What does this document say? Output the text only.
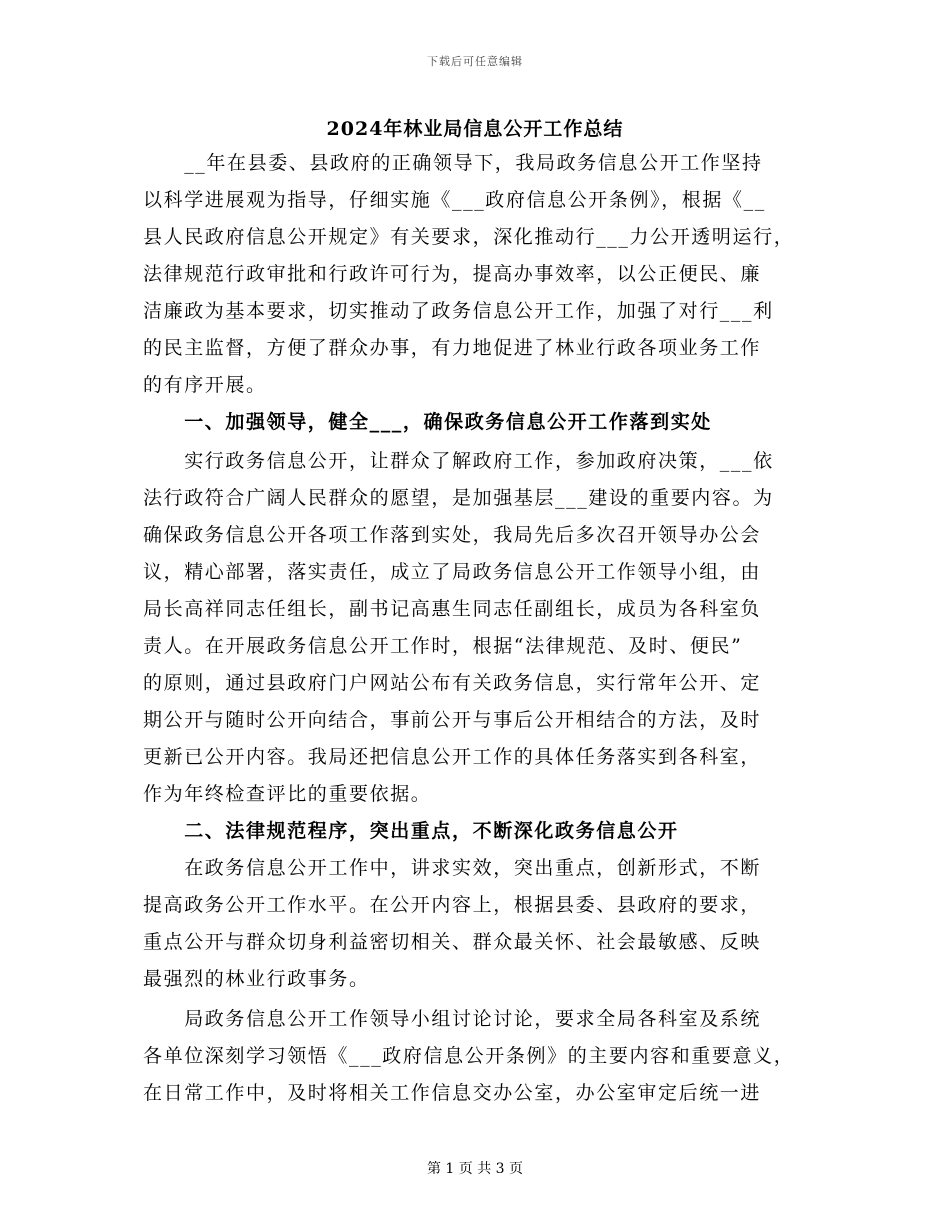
下载后可任意编辑
2024年林业局信息公开工作总结
　　__年在县委、县政府的正确领导下，我局政务信息公开工作坚持
以科学进展观为指导，仔细实施《___政府信息公开条例》，根据《__
县人民政府信息公开规定》有关要求，深化推动行___力公开透明运行，
法律规范行政审批和行政许可行为，提高办事效率，以公正便民、廉
洁廉政为基本要求，切实推动了政务信息公开工作，加强了对行___利
的民主监督，方便了群众办事，有力地促进了林业行政各项业务工作
的有序开展。
　　一、加强领导，健全___，确保政务信息公开工作落到实处
　　实行政务信息公开，让群众了解政府工作，参加政府决策，___依
法行政符合广阔人民群众的愿望，是加强基层___建设的重要内容。为
确保政务信息公开各项工作落到实处，我局先后多次召开领导办公会
议，精心部署，落实责任，成立了局政务信息公开工作领导小组，由
局长高祥同志任组长，副书记高惠生同志任副组长，成员为各科室负
责人。在开展政务信息公开工作时，根据“法律规范、及时、便民”
的原则，通过县政府门户网站公布有关政务信息，实行常年公开、定
期公开与随时公开向结合，事前公开与事后公开相结合的方法，及时
更新已公开内容。我局还把信息公开工作的具体任务落实到各科室，
作为年终检查评比的重要依据。
　　二、法律规范程序，突出重点，不断深化政务信息公开
　　在政务信息公开工作中，讲求实效，突出重点，创新形式，不断
提高政务公开工作水平。在公开内容上，根据县委、县政府的要求，
重点公开与群众切身利益密切相关、群众最关怀、社会最敏感、反映
最强烈的林业行政事务。
　　局政务信息公开工作领导小组讨论讨论，要求全局各科室及系统
各单位深刻学习领悟《___政府信息公开条例》的主要内容和重要意义，
在日常工作中，及时将相关工作信息交办公室，办公室审定后统一进
第 1 页 共 3 页
